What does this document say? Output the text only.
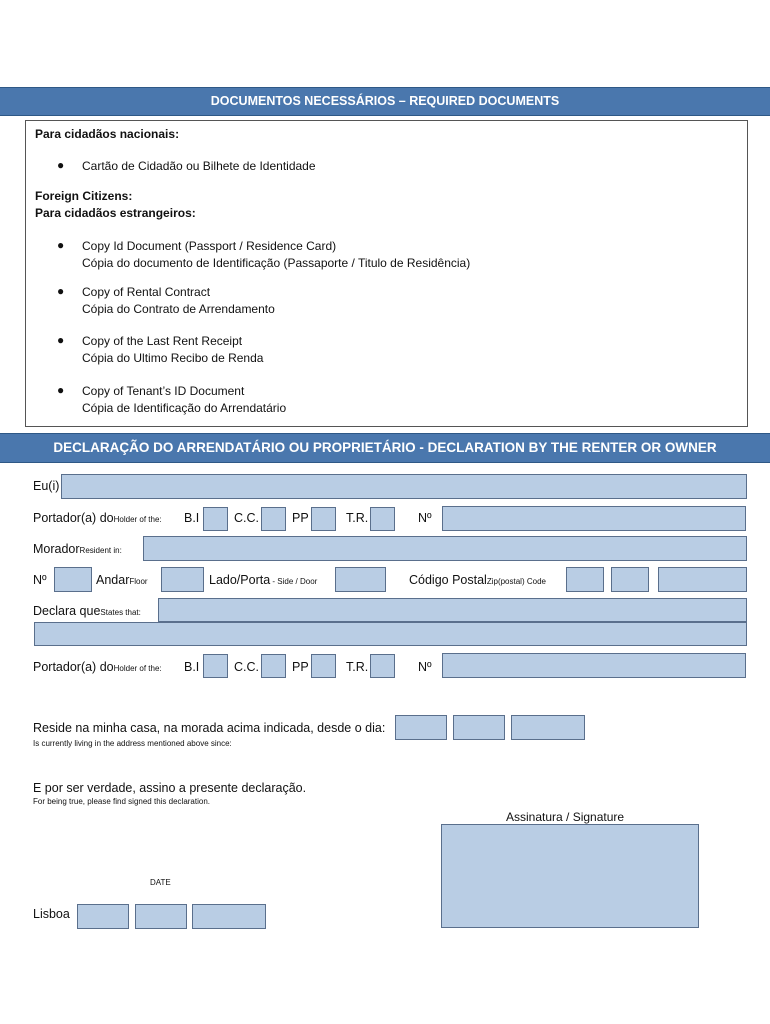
DOCUMENTOS NECESSÁRIOS – REQUIRED DOCUMENTS
Para cidadãos nacionais:
● Cartão de Cidadão ou Bilhete de Identidade
Foreign Citizens:
Para cidadãos estrangeiros:
● Copy Id Document (Passport / Residence Card)
Cópia do documento de Identificação (Passaporte / Titulo de Residência)
● Copy of Rental Contract
Cópia do Contrato de Arrendamento
● Copy of the Last Rent Receipt
Cópia do Ultimo Recibo de Renda
● Copy of Tenant’s ID Document
Cópia de Identificação do Arrendatário
DECLARAÇÃO DO ARRENDATÁRIO OU PROPRIETÁRIO - DECLARATION BY THE RENTER OR OWNER
Eu(i)
Portador(a) doHolder of the: B.I	C.C.	PP	T.R.	Nº
MoradorResident in:
Nº	AndarFloor	Lado/Porta - Side / Door	Código PostalZip(postal) Code
Declara queStates that:
Portador(a) doHolder of the: B.I	C.C.	PP	T.R.	Nº
Reside na minha casa, na morada acima indicada, desde o dia:
Is currently living in the address mentioned above since:
E por ser verdade, assino a presente declaração.
For being true, please find signed this declaration.
Assinatura / Signature
DATE
Lisboa
